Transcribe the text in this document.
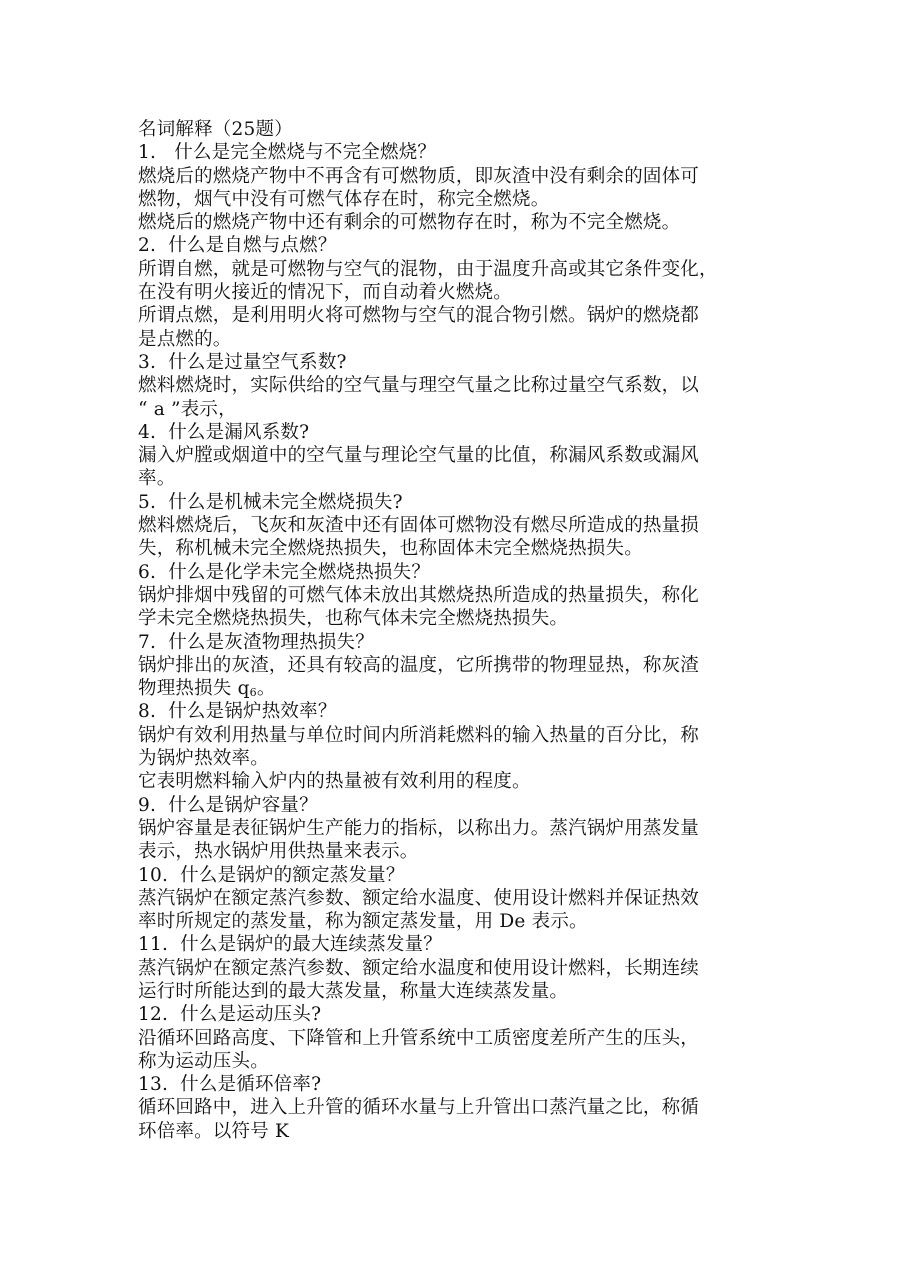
名词解释（25题）

1.   什么是完全燃烧与不完全燃烧？

燃烧后的燃烧产物中不再含有可燃物质，即灰渣中没有剩余的固体可

燃物，烟气中没有可燃气体存在时，称完全燃烧。

燃烧后的燃烧产物中还有剩余的可燃物存在时，称为不完全燃烧。

2.  什么是自燃与点燃？

所谓自燃，就是可燃物与空气的混物，由于温度升高或其它条件变化，

在没有明火接近的情况下，而自动着火燃烧。

所谓点燃，是利用明火将可燃物与空气的混合物引燃。锅炉的燃烧都

是点燃的。

3.  什么是过量空气系数?

燃料燃烧时，实际供给的空气量与理空气量之比称过量空气系数，以

“ a ”表示，

4.  什么是漏风系数?

漏入炉膛或烟道中的空气量与理论空气量的比值，称漏风系数或漏风

率。

5.  什么是机械未完全燃烧损失?

燃料燃烧后，飞灰和灰渣中还有固体可燃物没有燃尽所造成的热量损

失，称机械未完全燃烧热损失，也称固体未完全燃烧热损失。

6.  什么是化学未完全燃烧热损失？

锅炉排烟中残留的可燃气体未放出其燃烧热所造成的热量损失，称化

学未完全燃烧热损失，也称气体未完全燃烧热损失。

7.  什么是灰渣物理热损失？

锅炉排出的灰渣，还具有较高的温度，它所携带的物理显热，称灰渣

物理热损失 $q_6$。

8.  什么是锅炉热效率？

锅炉有效利用热量与单位时间内所消耗燃料的输入热量的百分比，称

为锅炉热效率。

它表明燃料输入炉内的热量被有效利用的程度。

9.  什么是锅炉容量？

锅炉容量是表征锅炉生产能力的指标，以称出力。蒸汽锅炉用蒸发量

表示，热水锅炉用供热量来表示。

10.  什么是锅炉的额定蒸发量？

蒸汽锅炉在额定蒸汽参数、额定给水温度、使用设计燃料并保证热效

率时所规定的蒸发量，称为额定蒸发量，用 De 表示。

11.  什么是锅炉的最大连续蒸发量？

蒸汽锅炉在额定蒸汽参数、额定给水温度和使用设计燃料，长期连续

运行时所能达到的最大蒸发量，称量大连续蒸发量。

12.  什么是运动压头?

沿循环回路高度、下降管和上升管系统中工质密度差所产生的压头，

称为运动压头。

13.  什么是循环倍率?

循环回路中，进入上升管的循环水量与上升管出口蒸汽量之比，称循

环倍率。以符号 K
